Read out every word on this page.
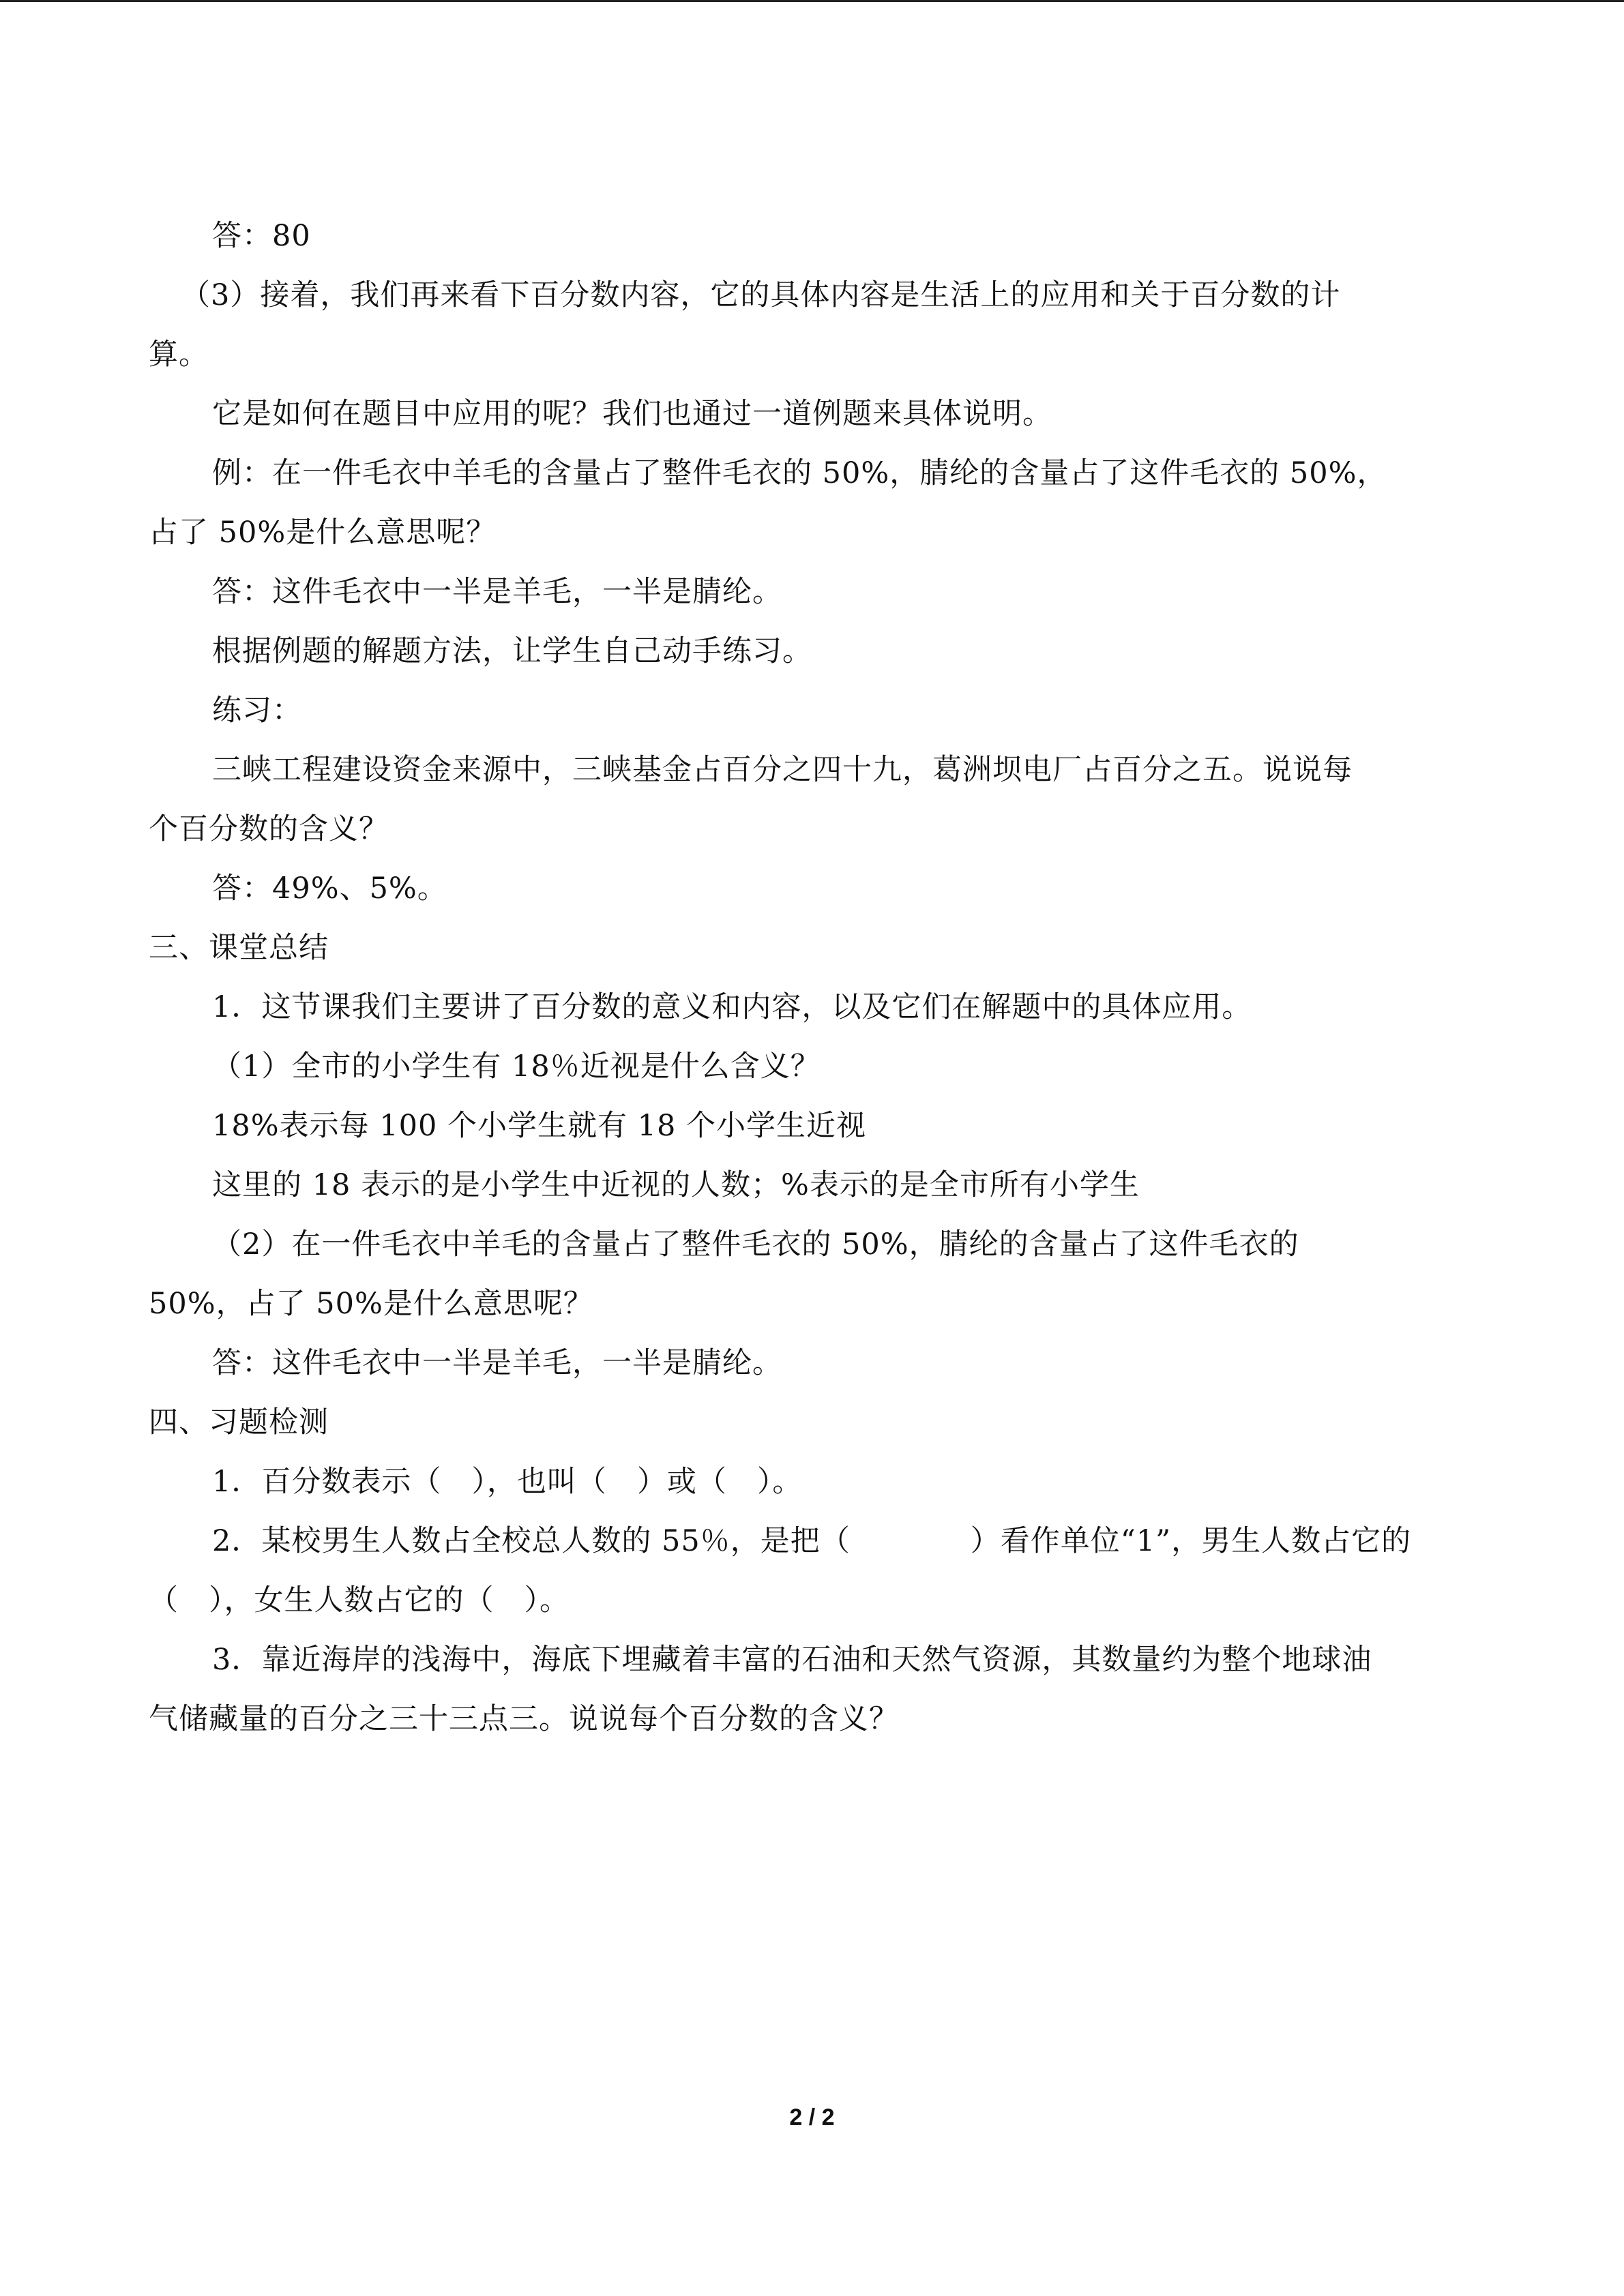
答：80
（3）接着，我们再来看下百分数内容，它的具体内容是生活上的应用和关于百分数的计
算。
它是如何在题目中应用的呢？我们也通过一道例题来具体说明。
例：在一件毛衣中羊毛的含量占了整件毛衣的 50%，腈纶的含量占了这件毛衣的 50%，
占了 50%是什么意思呢？
答：这件毛衣中一半是羊毛，一半是腈纶。
根据例题的解题方法，让学生自己动手练习。
练习：
三峡工程建设资金来源中，三峡基金占百分之四十九，葛洲坝电厂占百分之五。说说每
个百分数的含义？
答：49%、5%。
三、课堂总结
1．这节课我们主要讲了百分数的意义和内容，以及它们在解题中的具体应用。
（1）全市的小学生有 18％近视是什么含义？
18%表示每 100 个小学生就有 18 个小学生近视
这里的 18 表示的是小学生中近视的人数；%表示的是全市所有小学生
（2）在一件毛衣中羊毛的含量占了整件毛衣的 50%，腈纶的含量占了这件毛衣的
50%，占了 50%是什么意思呢？
答：这件毛衣中一半是羊毛，一半是腈纶。
四、习题检测
1．百分数表示（　），也叫（　）或（　）。
2．某校男生人数占全校总人数的 55％，是把（　　　　）看作单位“1”，男生人数占它的
（　），女生人数占它的（　）。
3．靠近海岸的浅海中，海底下埋藏着丰富的石油和天然气资源，其数量约为整个地球油
气储藏量的百分之三十三点三。说说每个百分数的含义？
2 / 2
